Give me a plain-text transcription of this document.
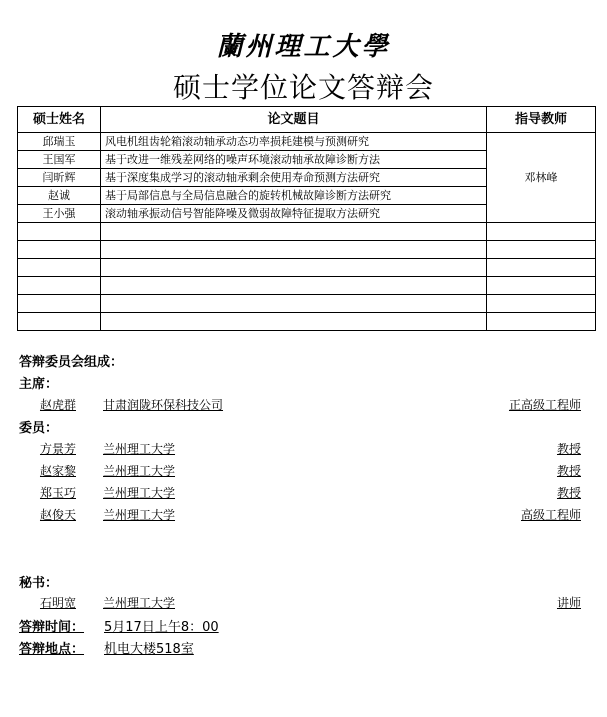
蘭州理工大學
硕士学位论文答辩会
硕士姓名	论文题目	指导教师
邱瑞玉	风电机组齿轮箱滚动轴承动态功率损耗建模与预测研究	邓林峰
王国军	基于改进一维残差网络的噪声环境滚动轴承故障诊断方法	
闫昕辉	基于深度集成学习的滚动轴承剩余使用寿命预测方法研究	
赵诚	基于局部信息与全局信息融合的旋转机械故障诊断方法研究	
王小强	滚动轴承振动信号智能降噪及微弱故障特征提取方法研究	

答辩委员会组成：
主席：
赵虎群	甘肃润陇环保科技公司	正高级工程师
委员：
方景芳	兰州理工大学	教授
赵家黎	兰州理工大学	教授
郑玉巧	兰州理工大学	教授
赵俊天	兰州理工大学	高级工程师
秘书：
石明宽	兰州理工大学	讲师
答辩时间： 5月17日上午8：00
答辩地点： 机电大楼518室
